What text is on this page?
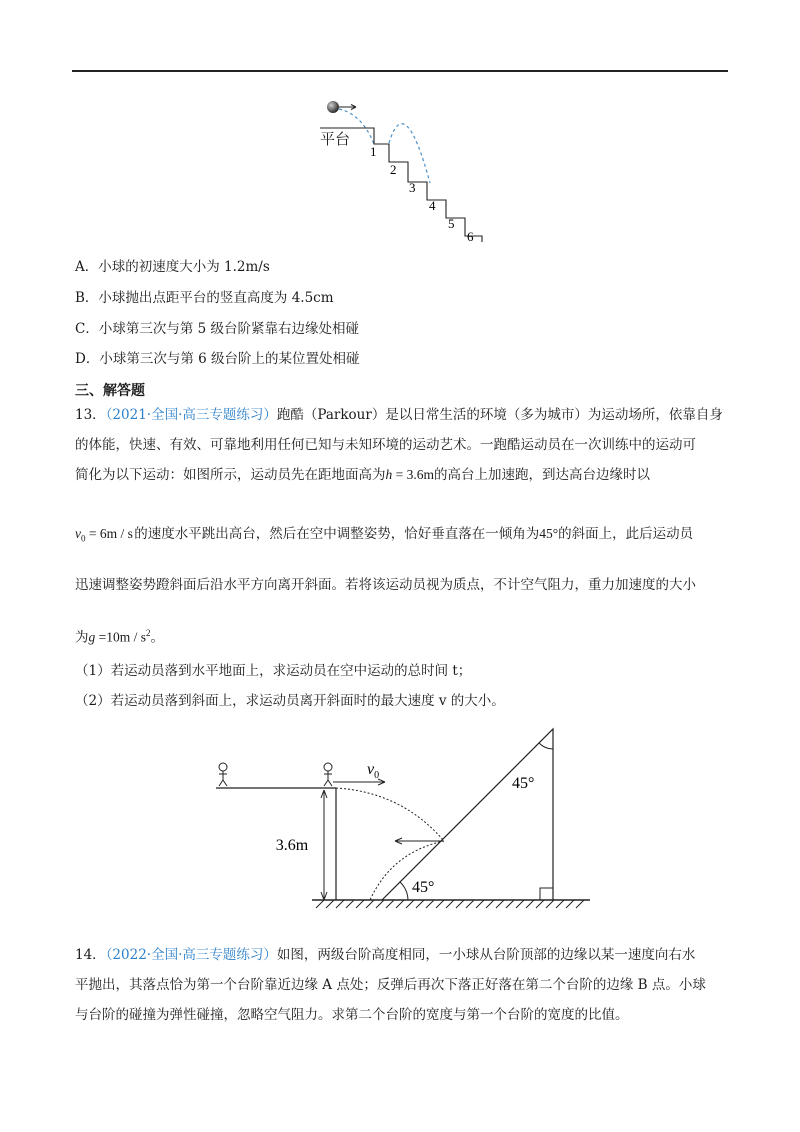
平台
1
2
3
4
5
6
A．小球的初速度大小为 1.2m/s
B．小球抛出点距平台的竖直高度为 4.5cm
C．小球第三次与第 5 级台阶紧靠右边缘处相碰
D．小球第三次与第 6 级台阶上的某位置处相碰
三、解答题
13．（2021·全国·高三专题练习）跑酷（Parkour）是以日常生活的环境（多为城市）为运动场所，依靠自身
的体能，快速、有效、可靠地利用任何已知与未知环境的运动艺术。一跑酷运动员在一次训练中的运动可
简化为以下运动：如图所示，运动员先在距地面高为h = 3.6m的高台上加速跑，到达高台边缘时以
$v_0 = 6m / s$ 的速度水平跳出高台，然后在空中调整姿势，恰好垂直落在一倾角为45°的斜面上，此后运动员
迅速调整姿势蹬斜面后沿水平方向离开斜面。若将该运动员视为质点，不计空气阻力，重力加速度的大小
为$g =10m / s^2$。
（1）若运动员落到水平地面上，求运动员在空中运动的总时间 t；
（2）若运动员落到斜面上，求运动员离开斜面时的最大速度 v 的大小。
$v_0$
3.6m
45°
45°
14．（2022·全国·高三专题练习）如图，两级台阶高度相同，一小球从台阶顶部的边缘以某一速度向右水
平抛出，其落点恰为第一个台阶靠近边缘 A 点处；反弹后再次下落正好落在第二个台阶的边缘 B 点。小球
与台阶的碰撞为弹性碰撞，忽略空气阻力。求第二个台阶的宽度与第一个台阶的宽度的比值。
